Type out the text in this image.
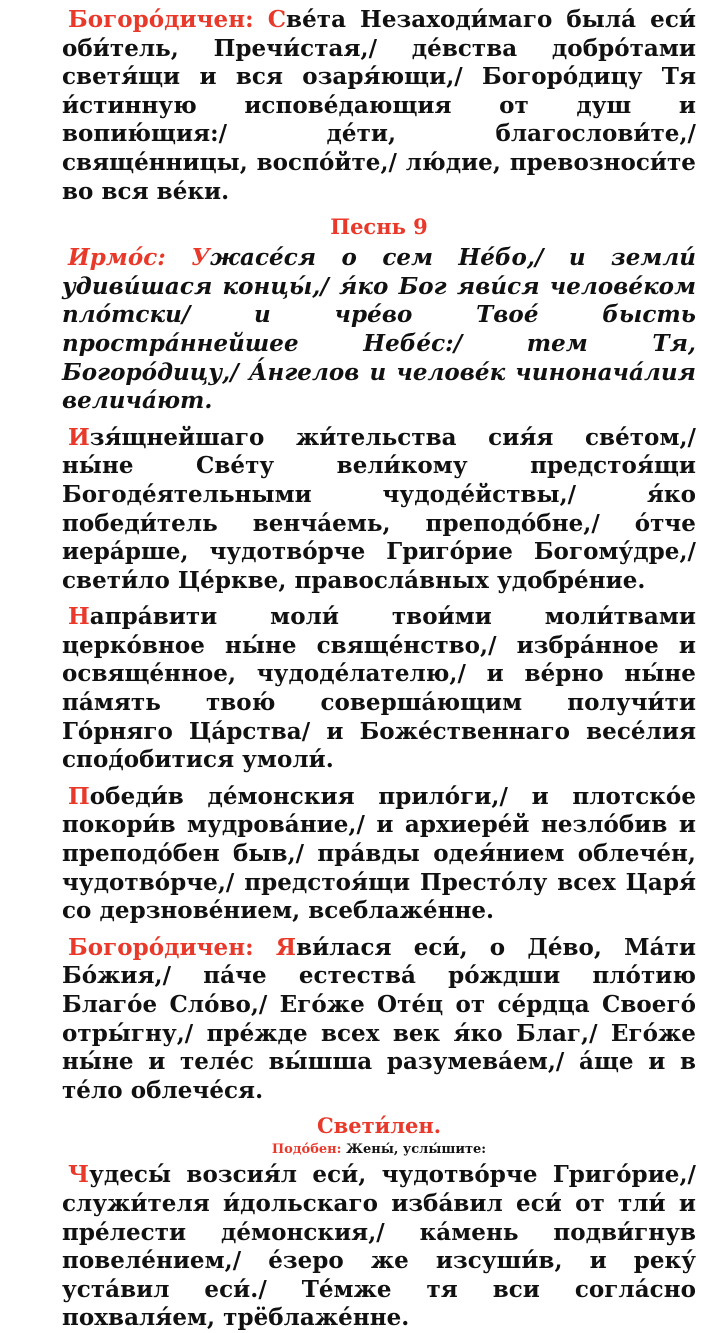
Богоро́дичен: Све́та Незаходи́маго была́ еси́ оби́тель, Пречи́стая,/ де́вства добро́тами светя́щи и вся озаря́ющи,/ Богоро́дицу Тя и́стинную испове́дающия от душ и вопию́щия:/ де́ти, благослови́те,/ свяще́нницы, воспо́йте,/ лю́дие, превозноси́те во вся ве́ки.

Песнь 9

Ирмо́с: Ужасе́ся о сем Не́бо,/ и земли́ удиви́шася концы́,/ я́ко Бог яви́ся челове́ком пло́тски/ и чре́во Твое́ бысть простра́ннейшее Небе́с:/ тем Тя, Богоро́дицу,/ А́нгелов и челове́к чинонача́лия велича́ют.

Изя́щнейшаго жи́тельства сия́я све́том,/ ны́не Све́ту вели́кому предстоя́щи Богоде́ятельными чудоде́йствы,/ я́ко победи́тель венча́емь, преподо́бне,/ о́тче иера́рше, чудотво́рче Григо́рие Богому́дре,/ свети́ло Це́ркве, правосла́вных удобре́ние.

Напра́вити моли́ твои́ми моли́твами церко́вное ны́не свяще́нство,/ избра́нное и освяще́нное, чудоде́лателю,/ и ве́рно ны́не па́мять твою́ соверша́ющим получи́ти Го́рняго Ца́рства/ и Боже́ственнаго весе́лия спод́обитися умоли́.

Победи́в де́монския прило́ги,/ и плотско́е покори́в мудрова́ние,/ и архиере́й незло́бив и преподо́бен быв,/ пра́вды одея́нием облече́н, чудотво́рче,/ предстоя́щи Престо́лу всех Царя́ со дерзнове́нием, всеблаже́нне.

Богоро́дичен: Яви́лася еси́, о Де́во, Ма́ти Бо́жия,/ па́че естества́ ро́ждши пло́тию Благо́е Сло́во,/ Его́же Оте́ц от се́рдца Своего́ отры́гну,/ пре́жде всех век я́ко Благ,/ Его́же ны́не и теле́с вы́шша разумева́ем,/ а́ще и в те́ло облече́ся.

Свети́лен.

Подо́бен: Жены́, услы́шите:

Чудесы́ возсия́л еси́, чудотво́рче Григо́рие,/ служи́теля и́дольскаго изба́вил еси́ от тли́ и пре́лести де́монския,/ ка́мень подви́гнув повеле́нием,/ е́зеро же изсуши́в, и реку́ уста́вил еси́./ Те́мже тя вси согла́сно похваля́ем, трёблаже́нне.
